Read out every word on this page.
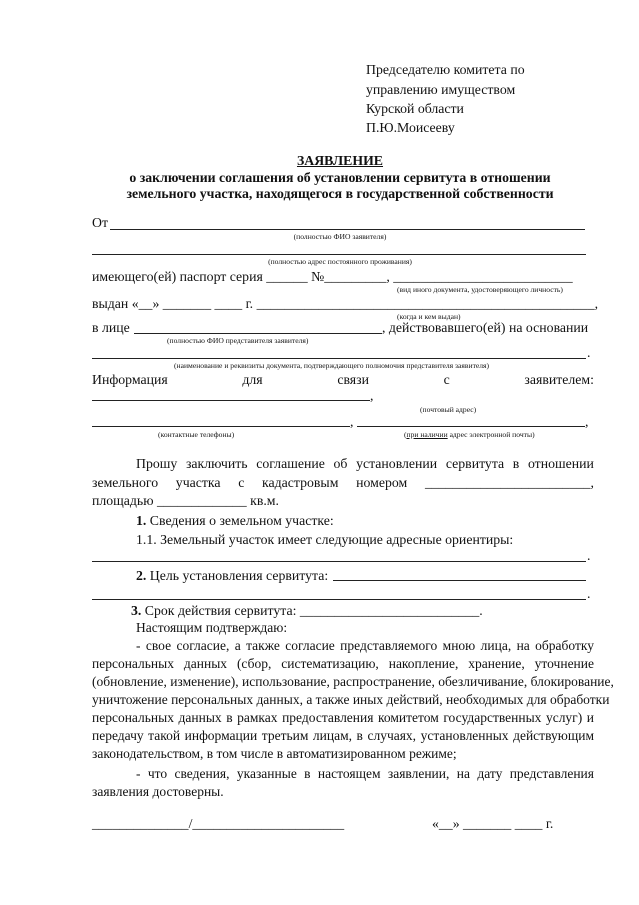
Председателю комитета по
управлению имуществом
Курской области
П.Ю.Моисееву
ЗАЯВЛЕНИЕ
о заключении соглашения об установлении сервитута в отношении
земельного участка, находящегося в государственной собственности
От
(полностью ФИО заявителя)
(полностью адрес постоянного проживания)
имеющего(ей) паспорт серия ______ №_________, __________________________
(вид иного документа, удостоверяющего личность)
выдан «__» _______ ____ г. _________________________________________________,
(когда и кем выдан)
в лице	, действовавшего(ей) на основании
(полностью ФИО представителя заявителя)
.
(наименование и реквизиты документа, подтверждающего полномочия представителя заявителя)
Информация	для	связи	с	заявителем:
,
(почтовый адрес)
,	,
(контактные телефоны)	(при наличии адрес электронной почты)
Прошу заключить соглашение об установлении сервитута в отношении
земельного участка с кадастровым номером ________________________,
площадью _____________ кв.м.
1. Сведения о земельном участке:
1.1. Земельный участок имеет следующие адресные ориентиры:
.
2. Цель установления сервитута:
.
3. Срок действия сервитута: __________________________.
Настоящим подтверждаю:
- свое согласие, а также согласие представляемого мною лица, на обработку
персональных данных (сбор, систематизацию, накопление, хранение, уточнение
(обновление, изменение), использование, распространение, обезличивание, блокирование,
уничтожение персональных данных, а также иных действий, необходимых для обработки
персональных данных в рамках предоставления комитетом государственных услуг) и
передачу такой информации третьим лицам, в случаях, установленных действующим
законодательством, в том числе в автоматизированном режиме;
- что сведения, указанные в настоящем заявлении, на дату представления
заявления достоверны.
______________/______________________	«__» _______ ____ г.
